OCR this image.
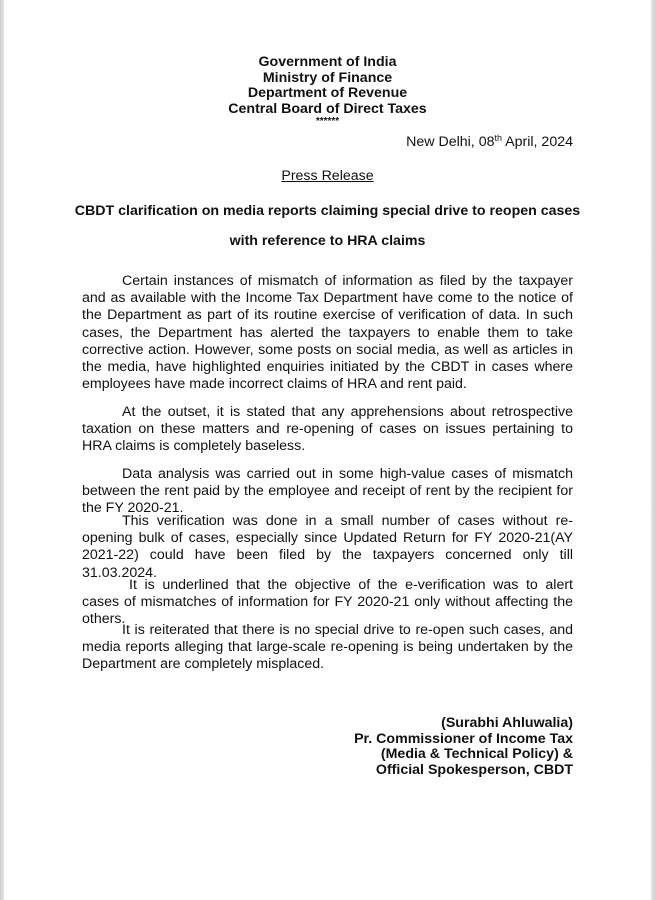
Government of India
Ministry of Finance
Department of Revenue
Central Board of Direct Taxes
******
New Delhi, 08th April, 2024
Press Release
CBDT clarification on media reports claiming special drive to reopen cases
with reference to HRA claims

Certain instances of mismatch of information as filed by the taxpayer and as available with the Income Tax Department have come to the notice of the Department as part of its routine exercise of verification of data. In such cases, the Department has alerted the taxpayers to enable them to take corrective action. However, some posts on social media, as well as articles in the media, have highlighted enquiries initiated by the CBDT in cases where employees have made incorrect claims of HRA and rent paid.

At the outset, it is stated that any apprehensions about retrospective taxation on these matters and re-opening of cases on issues pertaining to HRA claims is completely baseless.

Data analysis was carried out in some high-value cases of mismatch between the rent paid by the employee and receipt of rent by the recipient for the FY 2020-21.

This verification was done in a small number of cases without re-opening bulk of cases, especially since Updated Return for FY 2020-21(AY 2021-22) could have been filed by the taxpayers concerned only till 31.03.2024.

It is underlined that the objective of the e-verification was to alert cases of mismatches of information for FY 2020-21 only without affecting the others.

It is reiterated that there is no special drive to re-open such cases, and media reports alleging that large-scale re-opening is being undertaken by the Department are completely misplaced.

(Surabhi Ahluwalia)
Pr. Commissioner of Income Tax
(Media & Technical Policy) &
Official Spokesperson, CBDT
